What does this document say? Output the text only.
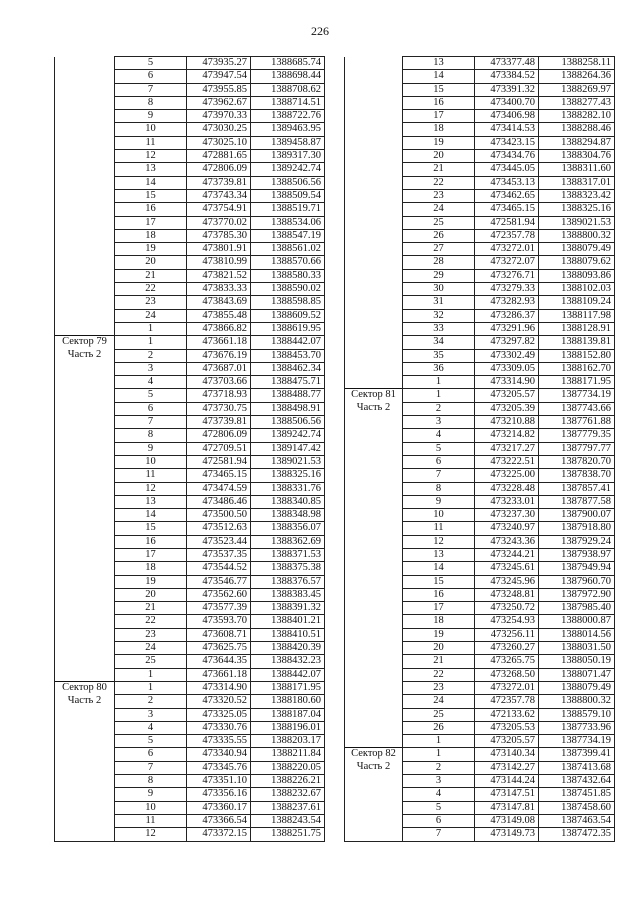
226
	5	473935.27	1388685.74
	6	473947.54	1388698.44
	7	473955.85	1388708.62
	8	473962.67	1388714.51
	9	473970.33	1388722.76
	10	473030.25	1389463.95
	11	473025.10	1389458.87
	12	472881.65	1389317.30
	13	472806.09	1389242.74
	14	473739.81	1388506.56
	15	473743.34	1388509.54
	16	473754.91	1388519.71
	17	473770.02	1388534.06
	18	473785.30	1388547.19
	19	473801.91	1388561.02
	20	473810.99	1388570.66
	21	473821.52	1388580.33
	22	473833.33	1388590.02
	23	473843.69	1388598.85
	24	473855.48	1388609.52
	1	473866.82	1388619.95

Сектор 79	1	473661.18	1388442.07

Часть 2	2	473676.19	1388453.70
	3	473687.01	1388462.34
	4	473703.66	1388475.71
	5	473718.93	1388488.77
	6	473730.75	1388498.91
	7	473739.81	1388506.56
	8	472806.09	1389242.74
	9	472709.51	1389147.42
	10	472581.94	1389021.53
	11	473465.15	1388325.16
	12	473474.59	1388331.76
	13	473486.46	1388340.85
	14	473500.50	1388348.98
	15	473512.63	1388356.07
	16	473523.44	1388362.69
	17	473537.35	1388371.53
	18	473544.52	1388375.38
	19	473546.77	1388376.57
	20	473562.60	1388383.45
	21	473577.39	1388391.32
	22	473593.70	1388401.21
	23	473608.71	1388410.51
	24	473625.75	1388420.39
	25	473644.35	1388432.23
	1	473661.18	1388442.07

Сектор 80	1	473314.90	1388171.95

Часть 2	2	473320.52	1388180.60
	3	473325.05	1388187.04
	4	473330.76	1388196.01
	5	473335.55	1388203.17
	6	473340.94	1388211.84
	7	473345.76	1388220.05
	8	473351.10	1388226.21
	9	473356.16	1388232.67
	10	473360.17	1388237.61
	11	473366.54	1388243.54
	12	473372.15	1388251.75
	13	473377.48	1388258.11
	14	473384.52	1388264.36
	15	473391.32	1388269.97
	16	473400.70	1388277.43
	17	473406.98	1388282.10
	18	473414.53	1388288.46
	19	473423.15	1388294.87
	20	473434.76	1388304.76
	21	473445.05	1388311.60
	22	473453.13	1388317.01
	23	473462.65	1388323.42
	24	473465.15	1388325.16
	25	472581.94	1389021.53
	26	472357.78	1388800.32
	27	473272.01	1388079.49
	28	473272.07	1388079.62
	29	473276.71	1388093.86
	30	473279.33	1388102.03
	31	473282.93	1388109.24
	32	473286.37	1388117.98
	33	473291.96	1388128.91
	34	473297.82	1388139.81
	35	473302.49	1388152.80
	36	473309.05	1388162.70
	1	473314.90	1388171.95

Сектор 81	1	473205.57	1387734.19

Часть 2	2	473205.39	1387743.66
	3	473210.88	1387761.88
	4	473214.82	1387779.35
	5	473217.27	1387797.77
	6	473222.51	1387820.70
	7	473225.00	1387838.70
	8	473228.48	1387857.41
	9	473233.01	1387877.58
	10	473237.30	1387900.07
	11	473240.97	1387918.80
	12	473243.36	1387929.24
	13	473244.21	1387938.97
	14	473245.61	1387949.94
	15	473245.96	1387960.70
	16	473248.81	1387972.90
	17	473250.72	1387985.40
	18	473254.93	1388000.87
	19	473256.11	1388014.56
	20	473260.27	1388031.50
	21	473265.75	1388050.19
	22	473268.50	1388071.47
	23	473272.01	1388079.49
	24	472357.78	1388800.32
	25	472133.62	1388579.10
	26	473205.53	1387733.96
	1	473205.57	1387734.19

Сектор 82	1	473140.34	1387399.41

Часть 2	2	473142.27	1387413.68
	3	473144.24	1387432.64
	4	473147.51	1387451.85
	5	473147.81	1387458.60
	6	473149.08	1387463.54
	7	473149.73	1387472.35
